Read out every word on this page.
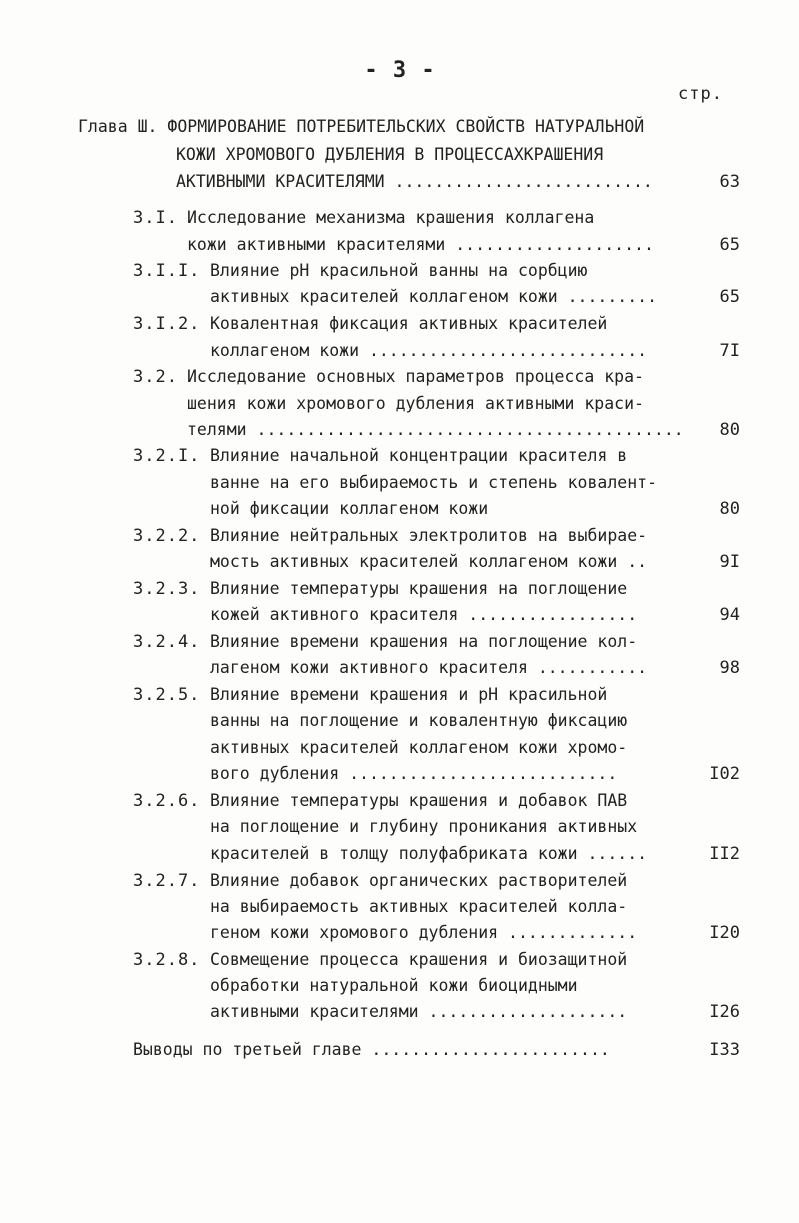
- 3 -
стр.
Глава Ш. ФОРМИРОВАНИЕ ПОТРЕБИТЕЛЬСКИХ СВОЙСТВ НАТУРАЛЬНОЙ
КОЖИ ХРОМОВОГО ДУБЛЕНИЯ В ПРОЦЕССАХКРАШЕНИЯ
АКТИВНЫМИ КРАСИТЕЛЯМИ ..........................	63
3.I. Исследование механизма крашения коллагена
кожи активными красителями ....................	65
3.I.I. Влияние рН красильной ванны на сорбцию
активных красителей коллагеном кожи .........	65
3.I.2. Ковалентная фиксация активных красителей
коллагеном кожи ............................	7I
3.2. Исследование основных параметров процесса кра-
шения кожи хромового дубления активными краси-
телями ...........................................	80
3.2.I. Влияние начальной концентрации красителя в
ванне на его выбираемость и степень ковалент-
ной фиксации коллагеном кожи	80
3.2.2. Влияние нейтральных электролитов на выбирае-
мость активных красителей коллагеном кожи ..	9I
3.2.3. Влияние температуры крашения на поглощение
кожей активного красителя .................	94
3.2.4. Влияние времени крашения на поглощение кол-
лагеном кожи активного красителя ...........	98
3.2.5. Влияние времени крашения и рН красильной
ванны на поглощение и ковалентную фиксацию
активных красителей коллагеном кожи хромо-
вого дубления ...........................	I02
3.2.6. Влияние температуры крашения и добавок ПАВ
на поглощение и глубину проникания активных
красителей в толщу полуфабриката кожи ......	II2
3.2.7. Влияние добавок органических растворителей
на выбираемость активных красителей колла-
геном кожи хромового дубления .............	I20
3.2.8. Совмещение процесса крашения и биозащитной
обработки натуральной кожи биоцидными
активными красителями ....................	I26
Выводы по третьей главе ........................	I33
